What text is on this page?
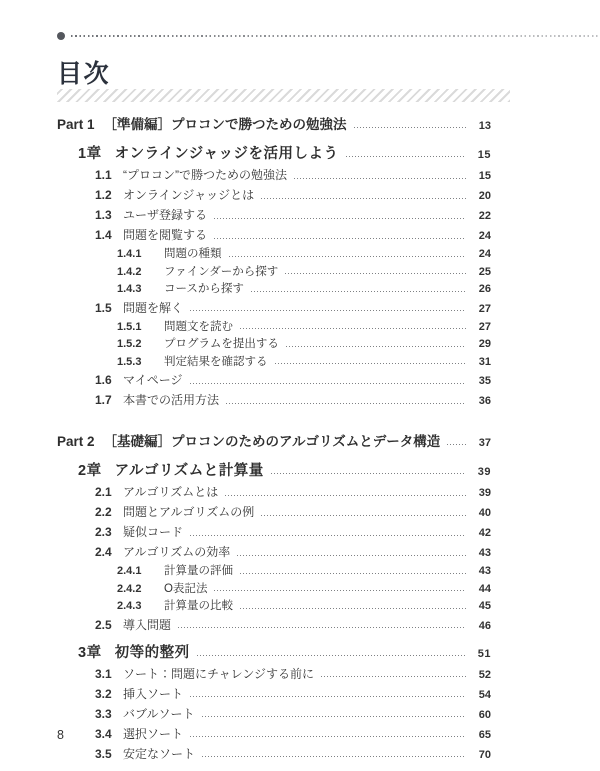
目次
Part 1 ［準備編］プロコンで勝つための勉強法	13
1章 オンラインジャッジを活用しよう	15
1.1 “プロコン”で勝つための勉強法	15
1.2 オンラインジャッジとは	20
1.3 ユーザ登録する	22
1.4 問題を閲覧する	24
1.4.1	問題の種類	24
1.4.2	ファインダーから探す	25
1.4.3	コースから探す	26
1.5 問題を解く	27
1.5.1	問題文を読む	27
1.5.2	プログラムを提出する	29
1.5.3	判定結果を確認する	31
1.6 マイページ	35
1.7 本書での活用方法	36
Part 2 ［基礎編］プロコンのためのアルゴリズムとデータ構造	37
2章 アルゴリズムと計算量	39
2.1 アルゴリズムとは	39
2.2 問題とアルゴリズムの例	40
2.3 疑似コード	42
2.4 アルゴリズムの効率	43
2.4.1	計算量の評価	43
2.4.2	O表記法	44
2.4.3	計算量の比較	45
2.5 導入問題	46
3章 初等的整列	51
3.1 ソート：問題にチャレンジする前に	52
3.2 挿入ソート	54
3.3 バブルソート	60
3.4 選択ソート	65
3.5 安定なソート	70
8
